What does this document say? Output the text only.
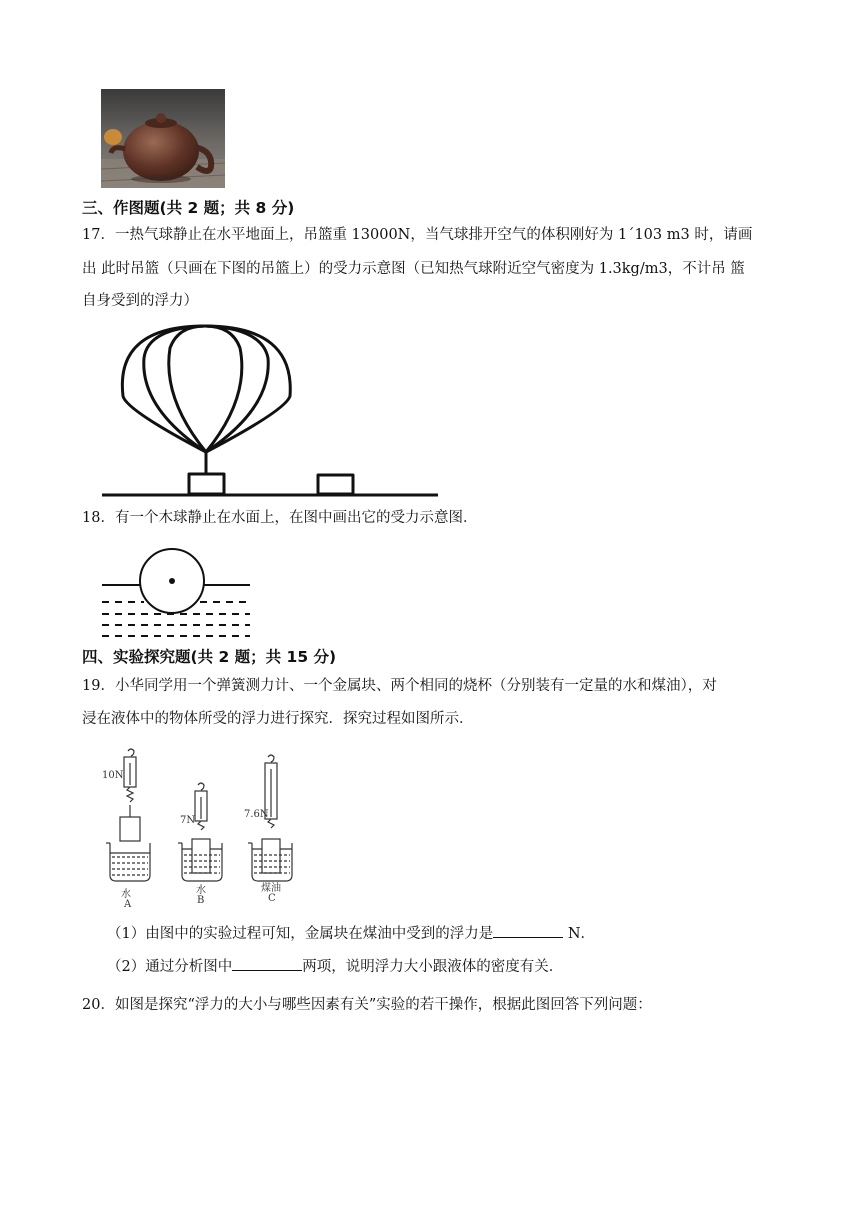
三、作图题(共 2 题；共 8 分)
17．一热气球静止在水平地面上，吊篮重 13000N，当气球排开空气的体积刚好为 1´103 m3 时，请画
出 此时吊篮（只画在下图的吊篮上）的受力示意图（已知热气球附近空气密度为 1.3kg/m3，不计吊 篮
自身受到的浮力）
18．有一个木球静止在水面上，在图中画出它的受力示意图．
四、实验探究题(共 2 题；共 15 分)
19．小华同学用一个弹簧测力计、一个金属块、两个相同的烧杯（分别装有一定量的水和煤油），对
浸在液体中的物体所受的浮力进行探究．探究过程如图所示．
10N
7N
7.6N
水	水	煤油
A	B	C
（1）由图中的实验过程可知，金属块在煤油中受到的浮力是	N．
（2）通过分析图中	两项，说明浮力大小跟液体的密度有关．
20．如图是探究“浮力的大小与哪些因素有关”实验的若干操作，根据此图回答下列问题：
